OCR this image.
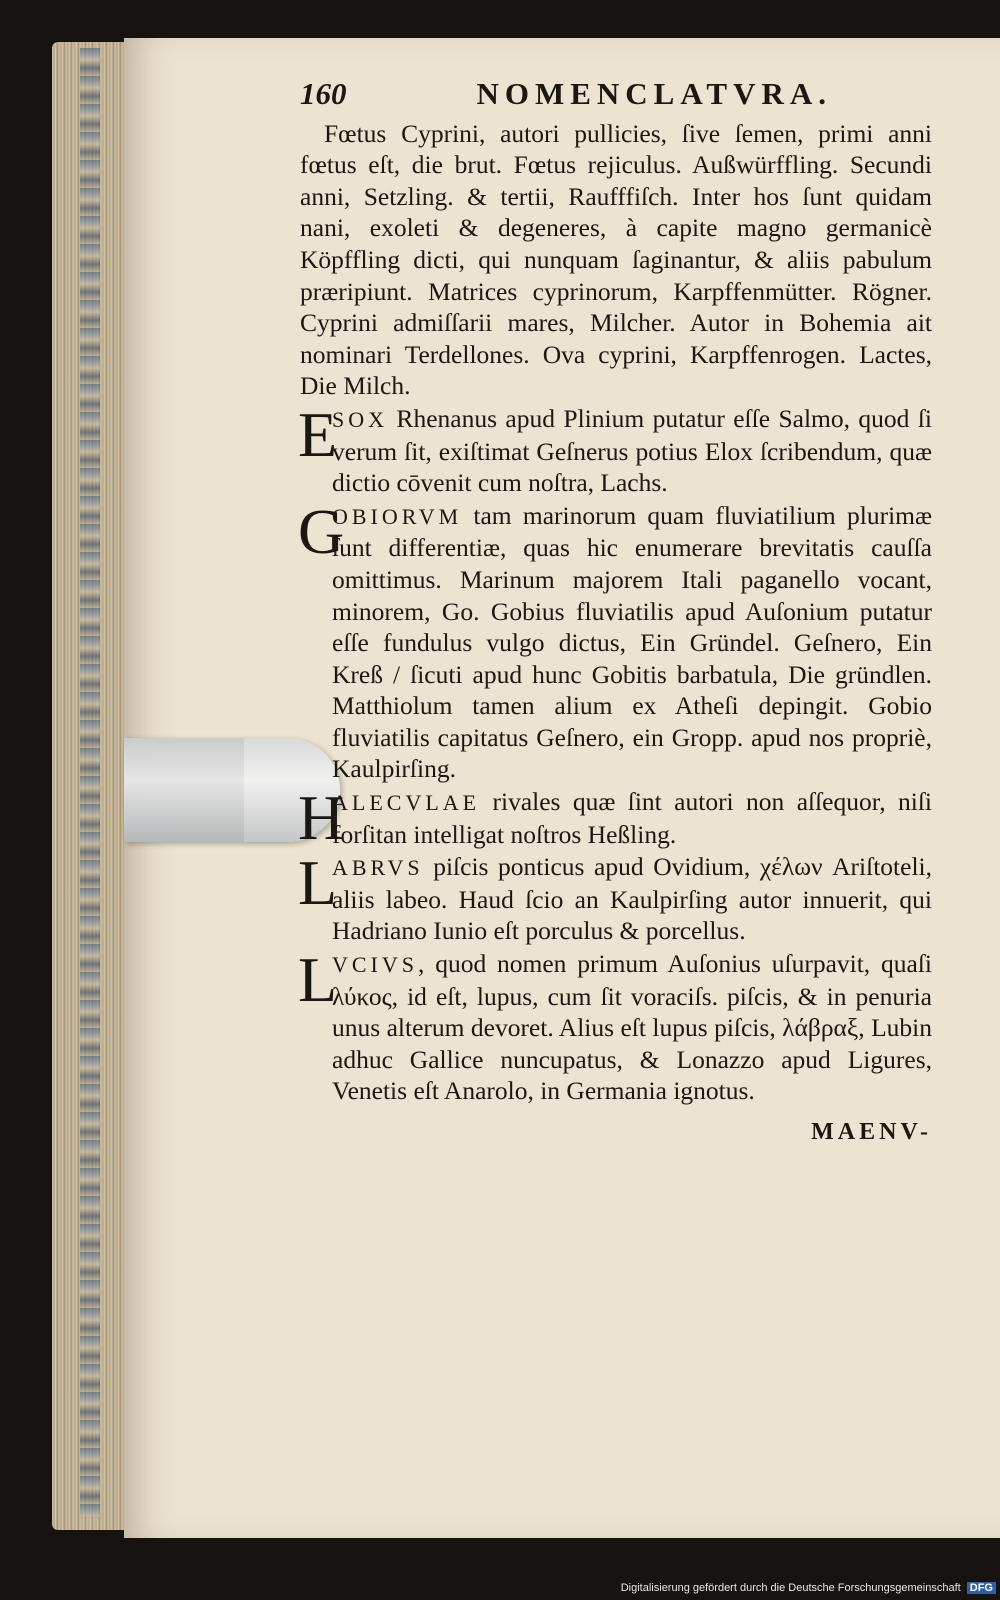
160	NOMENCLATVRA.
Fœtus Cyprini, autori pullicies, ſive ſemen, primi anni fœtus eſt, die brut. Fœtus rejiculus. Außwürffling. Secundi anni, Setzling. & tertii, Raufffiſch. Inter hos ſunt quidam nani, exoleti & degeneres, à capite magno germanicè Köpffling dicti, qui nunquam ſaginantur, & aliis pabulum præripiunt. Matrices cyprinorum, Karpffenmütter. Rögner. Cyprini admiſſarii mares, Milcher. Autor in Bohemia ait nominari Terdellones. Ova cyprini, Karpffenrogen. Lactes, Die Milch.
E
SOX Rhenanus apud Plinium putatur eſſe Salmo, quod ſi verum ſit, exiſtimat Geſnerus potius Elox ſcribendum, quæ dictio cōvenit cum noſtra, Lachs.
G
OBIORVM tam marinorum quam fluviatilium plurimæ ſunt differentiæ, quas hic enumerare brevitatis cauſſa omittimus. Marinum majorem Itali paganello vocant, minorem, Go. Gobius fluviatilis apud Auſonium putatur eſſe fundulus vulgo dictus, Ein Gründel. Geſnero, Ein Kreß / ſicuti apud hunc Gobitis barbatula, Die gründlen. Matthiolum tamen alium ex Atheſi depingit. Gobio fluviatilis capitatus Geſnero, ein Gropp. apud nos propriè, Kaulpirſing.
H
ALECVLAE rivales quæ ſint autori non aſſequor, niſi forſitan intelligat noſtros Heßling.
L
ABRVS piſcis ponticus apud Ovidium, χέλων Ariſtoteli, aliis labeo. Haud ſcio an Kaulpirſing autor innuerit, qui Hadriano Iunio eſt porculus & porcellus.
L
VCIVS, quod nomen primum Auſonius uſurpavit, quaſi λύκος, id eſt, lupus, cum ſit voraciſs. piſcis, & in penuria unus alterum devoret. Alius eſt lupus piſcis, λάβραξ, Lubin adhuc Gallice nuncupatus, & Lonazzo apud Ligures, Venetis eſt Anarolo, in Germania ignotus.
MAENV-
Digitalisierung gefördert durch die Deutsche Forschungsgemeinschaft DFG
